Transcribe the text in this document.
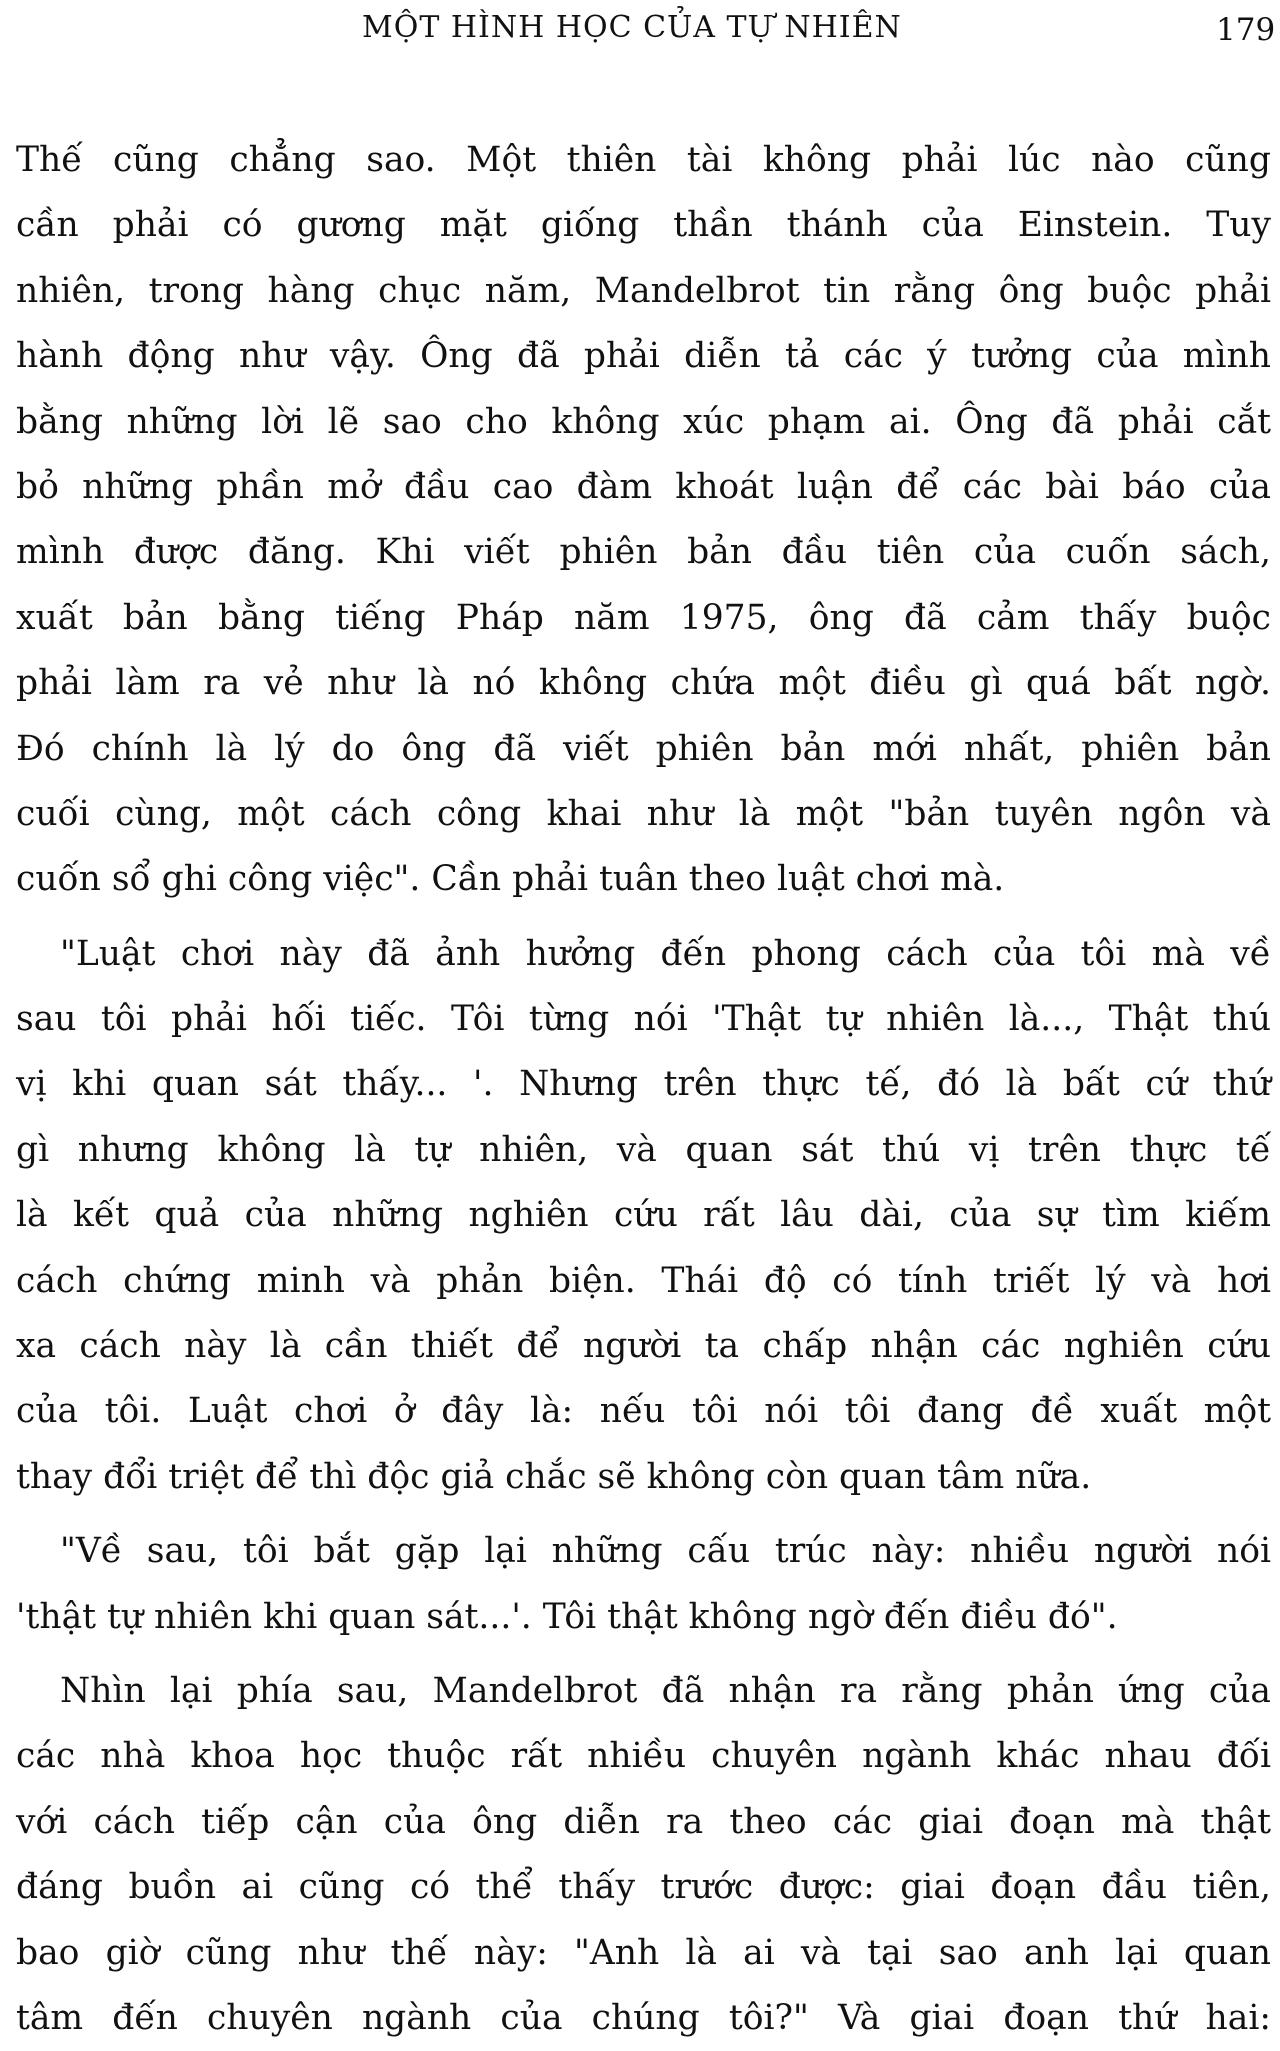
MỘT HÌNH HỌC CỦA TỰ NHIÊN	179
Thế cũng chẳng sao. Một thiên tài không phải lúc nào cũng
cần phải có gương mặt giống thần thánh của Einstein. Tuy
nhiên, trong hàng chục năm, Mandelbrot tin rằng ông buộc phải
hành động như vậy. Ông đã phải diễn tả các ý tưởng của mình
bằng những lời lẽ sao cho không xúc phạm ai. Ông đã phải cắt
bỏ những phần mở đầu cao đàm khoát luận để các bài báo của
mình được đăng. Khi viết phiên bản đầu tiên của cuốn sách,
xuất bản bằng tiếng Pháp năm 1975, ông đã cảm thấy buộc
phải làm ra vẻ như là nó không chứa một điều gì quá bất ngờ.
Đó chính là lý do ông đã viết phiên bản mới nhất, phiên bản
cuối cùng, một cách công khai như là một "bản tuyên ngôn và
cuốn sổ ghi công việc". Cần phải tuân theo luật chơi mà.
"Luật chơi này đã ảnh hưởng đến phong cách của tôi mà về
sau tôi phải hối tiếc. Tôi từng nói 'Thật tự nhiên là..., Thật thú
vị khi quan sát thấy... '. Nhưng trên thực tế, đó là bất cứ thứ
gì nhưng không là tự nhiên, và quan sát thú vị trên thực tế
là kết quả của những nghiên cứu rất lâu dài, của sự tìm kiếm
cách chứng minh và phản biện. Thái độ có tính triết lý và hơi
xa cách này là cần thiết để người ta chấp nhận các nghiên cứu
của tôi. Luật chơi ở đây là: nếu tôi nói tôi đang đề xuất một
thay đổi triệt để thì độc giả chắc sẽ không còn quan tâm nữa.
"Về sau, tôi bắt gặp lại những cấu trúc này: nhiều người nói
'thật tự nhiên khi quan sát...'. Tôi thật không ngờ đến điều đó".
Nhìn lại phía sau, Mandelbrot đã nhận ra rằng phản ứng của
các nhà khoa học thuộc rất nhiều chuyên ngành khác nhau đối
với cách tiếp cận của ông diễn ra theo các giai đoạn mà thật
đáng buồn ai cũng có thể thấy trước được: giai đoạn đầu tiên,
bao giờ cũng như thế này: "Anh là ai và tại sao anh lại quan
tâm đến chuyên ngành của chúng tôi?" Và giai đoạn thứ hai:
